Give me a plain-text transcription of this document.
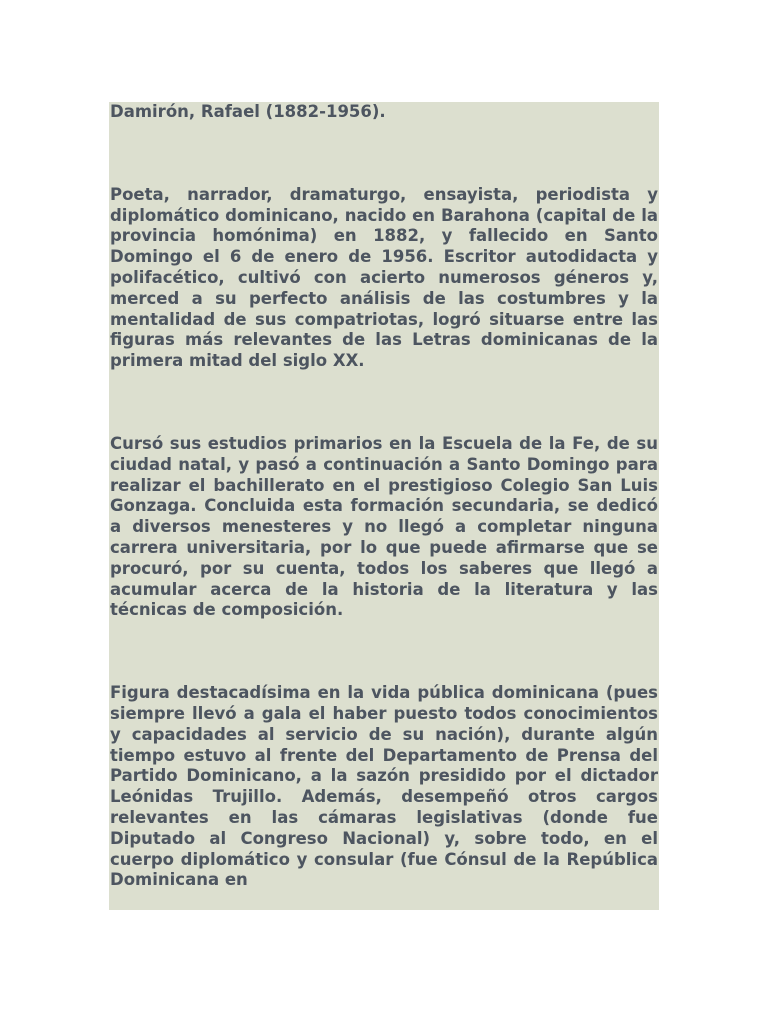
Damirón, Rafael (1882-1956).

Poeta, narrador, dramaturgo, ensayista, periodista y diplomático dominicano, nacido en Barahona (capital de la provincia homónima) en 1882, y fallecido en Santo Domingo el 6 de enero de 1956. Escritor autodidacta y polifacético, cultivó con acierto numerosos géneros y, merced a su perfecto análisis de las costumbres y la mentalidad de sus compatriotas, logró situarse entre las figuras más relevantes de las Letras dominicanas de la primera mitad del siglo XX.

Cursó sus estudios primarios en la Escuela de la Fe, de su ciudad natal, y pasó a continuación a Santo Domingo para realizar el bachillerato en el prestigioso Colegio San Luis Gonzaga. Concluida esta formación secundaria, se dedicó a diversos menesteres y no llegó a completar ninguna carrera universitaria, por lo que puede afirmarse que se procuró, por su cuenta, todos los saberes que llegó a acumular acerca de la historia de la literatura y las técnicas de composición.

Figura destacadísima en la vida pública dominicana (pues siempre llevó a gala el haber puesto todos conocimientos y capacidades al servicio de su nación), durante algún tiempo estuvo al frente del Departamento de Prensa del Partido Dominicano, a la sazón presidido por el dictador Leónidas Trujillo. Además, desempeñó otros cargos relevantes en las cámaras legislativas (donde fue Diputado al Congreso Nacional) y, sobre todo, en el cuerpo diplomático y consular (fue Cónsul de la República Dominicana en
